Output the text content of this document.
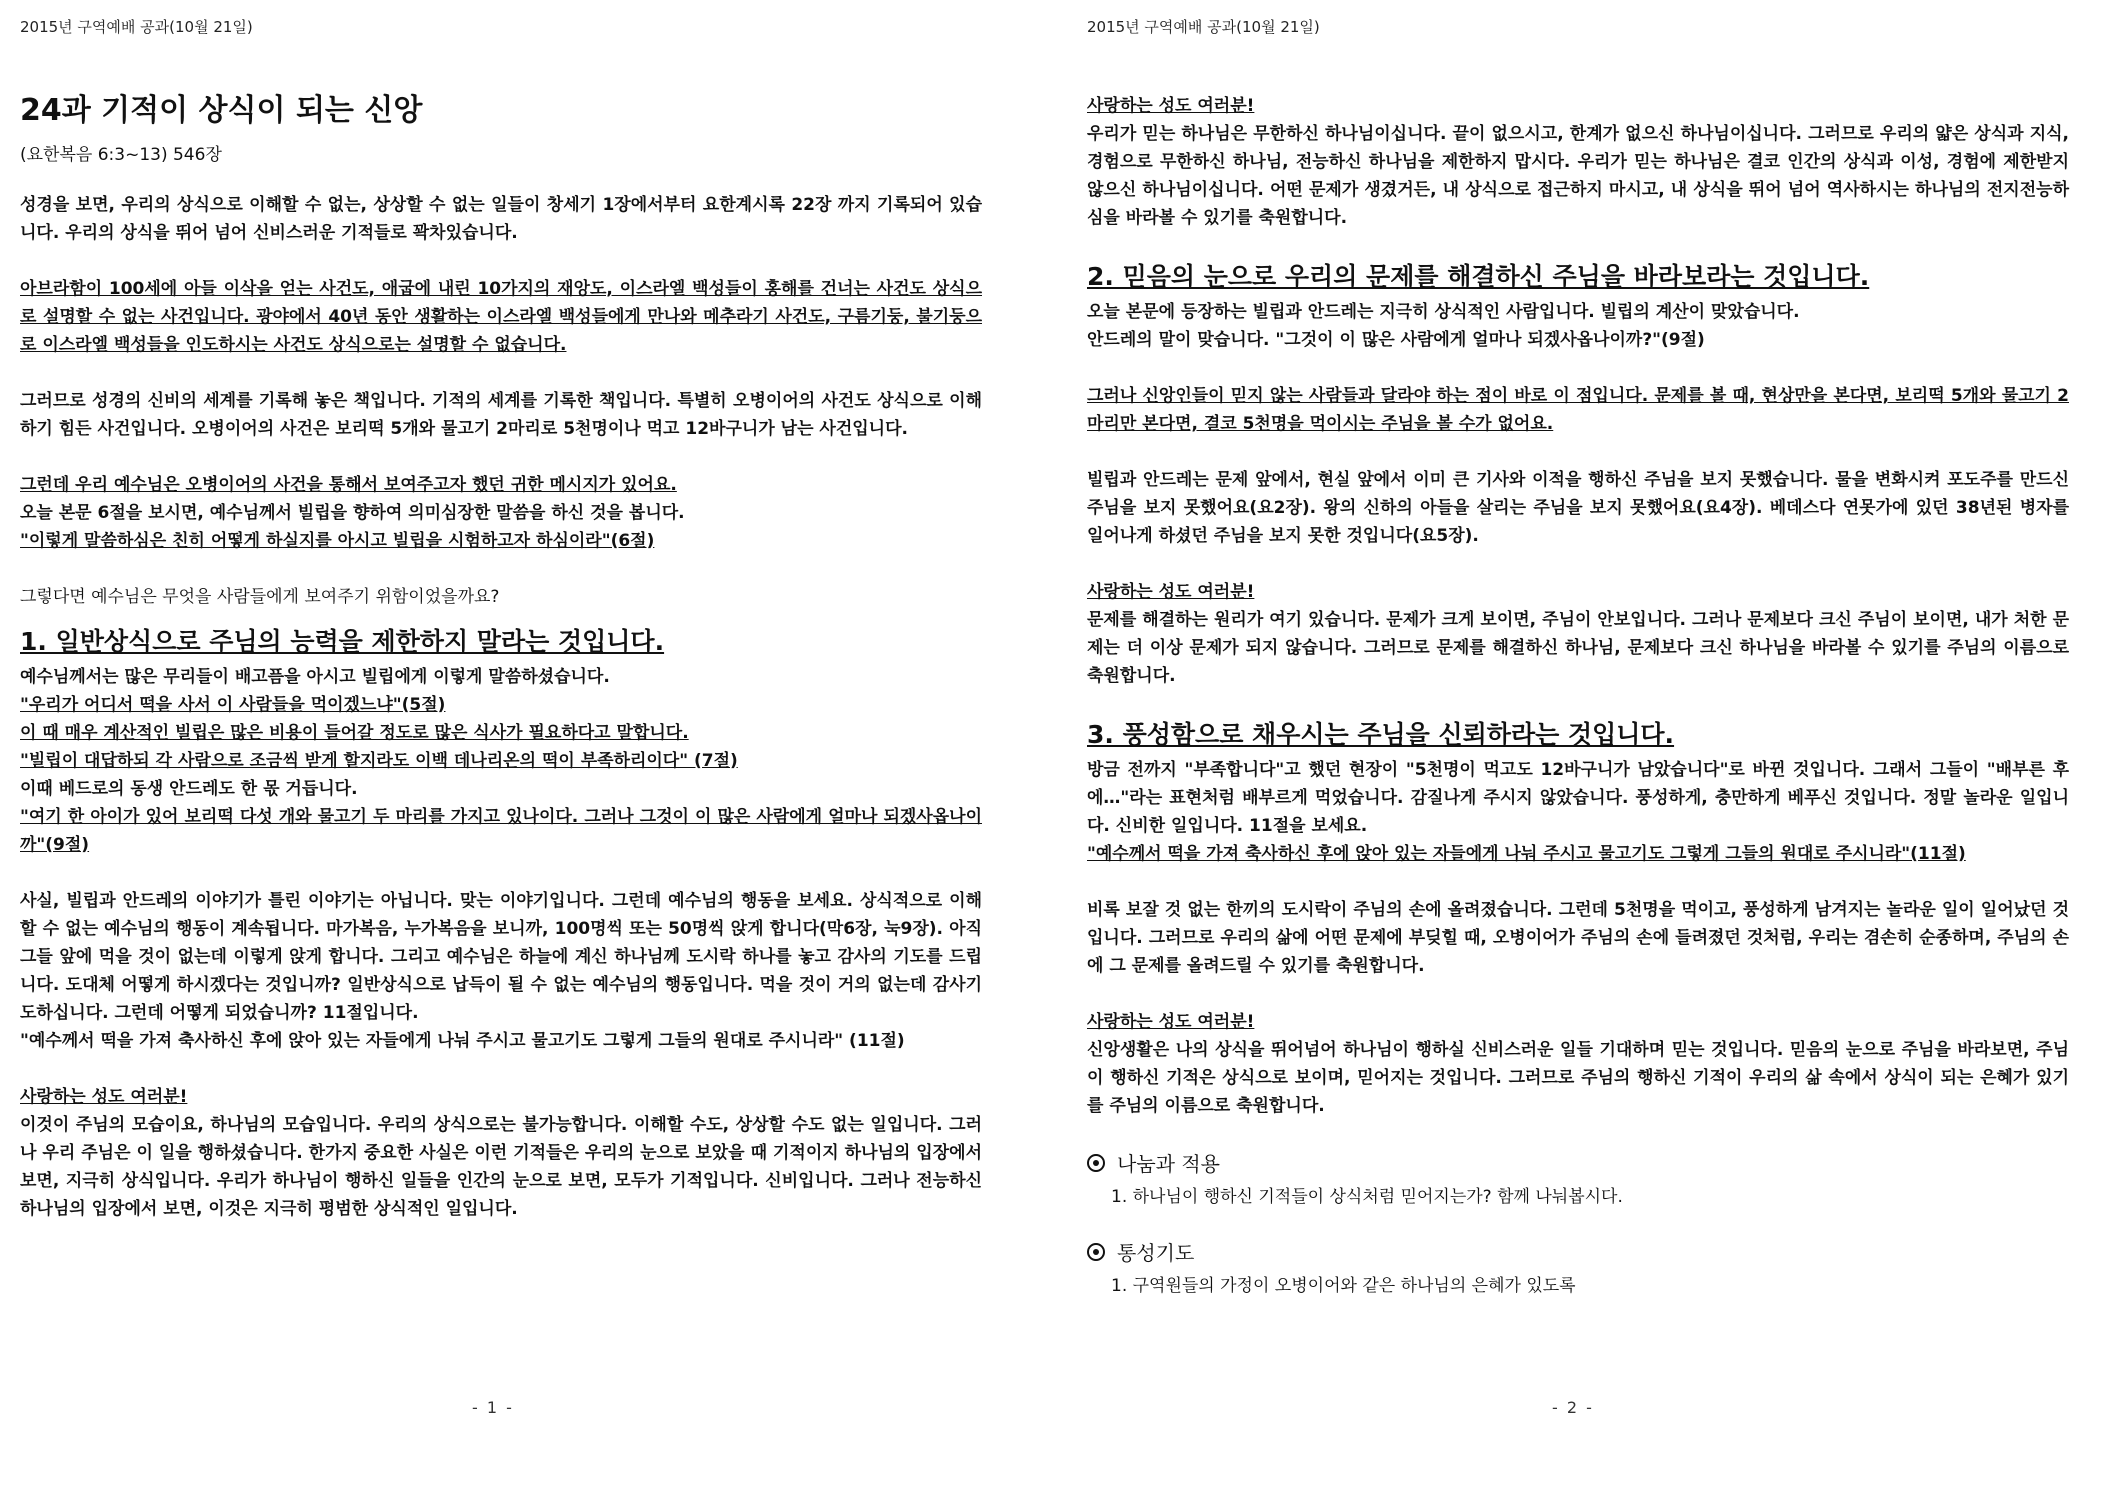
2015년 구역예배 공과(10월 21일)
24과 기적이 상식이 되는 신앙
(요한복음 6:3~13) 546장

성경을 보면, 우리의 상식으로 이해할 수 없는, 상상할 수 없는 일들이 창세기 1장에서부터 요한계시록 22장 까지 기록되어 있습니다. 우리의 상식을 뛰어 넘어 신비스러운 기적들로 꽉차있습니다.

아브라함이 100세에 아들 이삭을 얻는 사건도, 애굽에 내린 10가지의 재앙도, 이스라엘 백성들이 홍해를 건너는 사건도 상식으로 설명할 수 없는 사건입니다. 광야에서 40년 동안 생활하는 이스라엘 백성들에게 만나와 메추라기 사건도, 구름기둥, 불기둥으로 이스라엘 백성들을 인도하시는 사건도 상식으로는 설명할 수 없습니다.

그러므로 성경의 신비의 세계를 기록해 놓은 책입니다. 기적의 세계를 기록한 책입니다. 특별히 오병이어의 사건도 상식으로 이해하기 힘든 사건입니다. 오병이어의 사건은 보리떡 5개와 물고기 2마리로 5천명이나 먹고 12바구니가 남는 사건입니다.

그런데 우리 예수님은 오병이어의 사건을 통해서 보여주고자 했던 귀한 메시지가 있어요.
오늘 본문 6절을 보시면, 예수님께서 빌립을 향하여 의미심장한 말씀을 하신 것을 봅니다.
"이렇게 말씀하심은 친히 어떻게 하실지를 아시고 빌립을 시험하고자 하심이라"(6절)

그렇다면 예수님은 무엇을 사람들에게 보여주기 위함이었을까요?

1. 일반상식으로 주님의 능력을 제한하지 말라는 것입니다.

예수님께서는 많은 무리들이 배고픔을 아시고 빌립에게 이렇게 말씀하셨습니다.
"우리가 어디서 떡을 사서 이 사람들을 먹이겠느냐"(5절)
이 때 매우 계산적인 빌립은 많은 비용이 들어갈 정도로 많은 식사가 필요하다고 말합니다.
"빌립이 대답하되 각 사람으로 조금씩 받게 할지라도 이백 데나리온의 떡이 부족하리이다" (7절)
이때 베드로의 동생 안드레도 한 몫 거듭니다.
"여기 한 아이가 있어 보리떡 다섯 개와 물고기 두 마리를 가지고 있나이다. 그러나 그것이 이 많은 사람에게 얼마나 되겠사옵나이까"(9절)

사실, 빌립과 안드레의 이야기가 틀린 이야기는 아닙니다. 맞는 이야기입니다. 그런데 예수님의 행동을 보세요. 상식적으로 이해할 수 없는 예수님의 행동이 계속됩니다. 마가복음, 누가복음을 보니까, 100명씩 또는 50명씩 앉게 합니다(막6장, 눅9장). 아직 그들 앞에 먹을 것이 없는데 이렇게 앉게 합니다. 그리고 예수님은 하늘에 계신 하나님께 도시락 하나를 놓고 감사의 기도를 드립니다. 도대체 어떻게 하시겠다는 것입니까? 일반상식으로 납득이 될 수 없는 예수님의 행동입니다. 먹을 것이 거의 없는데 감사기도하십니다. 그런데 어떻게 되었습니까? 11절입니다.

"예수께서 떡을 가져 축사하신 후에 앉아 있는 자들에게 나눠 주시고 물고기도 그렇게 그들의 원대로 주시니라" (11절)

사랑하는 성도 여러분!
이것이 주님의 모습이요, 하나님의 모습입니다. 우리의 상식으로는 불가능합니다. 이해할 수도, 상상할 수도 없는 일입니다. 그러나 우리 주님은 이 일을 행하셨습니다. 한가지 중요한 사실은 이런 기적들은 우리의 눈으로 보았을 때 기적이지 하나님의 입장에서 보면, 지극히 상식입니다. 우리가 하나님이 행하신 일들을 인간의 눈으로 보면, 모두가 기적입니다. 신비입니다. 그러나 전능하신 하나님의 입장에서 보면, 이것은 지극히 평범한 상식적인 일입니다.

- 1 -
2015년 구역예배 공과(10월 21일)

사랑하는 성도 여러분!
우리가 믿는 하나님은 무한하신 하나님이십니다. 끝이 없으시고, 한계가 없으신 하나님이십니다. 그러므로 우리의 얇은 상식과 지식, 경험으로 무한하신 하나님, 전능하신 하나님을 제한하지 맙시다. 우리가 믿는 하나님은 결코 인간의 상식과 이성, 경험에 제한받지 않으신 하나님이십니다. 어떤 문제가 생겼거든, 내 상식으로 접근하지 마시고, 내 상식을 뛰어 넘어 역사하시는 하나님의 전지전능하심을 바라볼 수 있기를 축원합니다.

2. 믿음의 눈으로 우리의 문제를 해결하신 주님을 바라보라는 것입니다.

오늘 본문에 등장하는 빌립과 안드레는 지극히 상식적인 사람입니다. 빌립의 계산이 맞았습니다.
안드레의 말이 맞습니다. "그것이 이 많은 사람에게 얼마나 되겠사옵나이까?"(9절)

그러나 신앙인들이 믿지 않는 사람들과 달라야 하는 점이 바로 이 점입니다. 문제를 볼 때, 현상만을 본다면, 보리떡 5개와 물고기 2마리만 본다면, 결코 5천명을 먹이시는 주님을 볼 수가 없어요.

빌립과 안드레는 문제 앞에서, 현실 앞에서 이미 큰 기사와 이적을 행하신 주님을 보지 못했습니다. 물을 변화시켜 포도주를 만드신 주님을 보지 못했어요(요2장). 왕의 신하의 아들을 살리는 주님을 보지 못했어요(요4장). 베데스다 연못가에 있던 38년된 병자를 일어나게 하셨던 주님을 보지 못한 것입니다(요5장).

사랑하는 성도 여러분!
문제를 해결하는 원리가 여기 있습니다. 문제가 크게 보이면, 주님이 안보입니다. 그러나 문제보다 크신 주님이 보이면, 내가 처한 문제는 더 이상 문제가 되지 않습니다. 그러므로 문제를 해결하신 하나님, 문제보다 크신 하나님을 바라볼 수 있기를 주님의 이름으로 축원합니다.

3. 풍성함으로 채우시는 주님을 신뢰하라는 것입니다.

방금 전까지 "부족합니다"고 했던 현장이 "5천명이 먹고도 12바구니가 남았습니다"로 바뀐 것입니다. 그래서 그들이 "배부른 후에…"라는 표현처럼 배부르게 먹었습니다. 감질나게 주시지 않았습니다. 풍성하게, 충만하게 베푸신 것입니다. 정말 놀라운 일입니다. 신비한 일입니다. 11절을 보세요.

"예수께서 떡을 가져 축사하신 후에 앉아 있는 자들에게 나눠 주시고 물고기도 그렇게 그들의 원대로 주시니라"(11절)

비록 보잘 것 없는 한끼의 도시락이 주님의 손에 올려졌습니다. 그런데 5천명을 먹이고, 풍성하게 남겨지는 놀라운 일이 일어났던 것입니다. 그러므로 우리의 삶에 어떤 문제에 부딪힐 때, 오병이어가 주님의 손에 들려졌던 것처럼, 우리는 겸손히 순종하며, 주님의 손에 그 문제를 올려드릴 수 있기를 축원합니다.

사랑하는 성도 여러분!
신앙생활은 나의 상식을 뛰어넘어 하나님이 행하실 신비스러운 일들 기대하며 믿는 것입니다. 믿음의 눈으로 주님을 바라보면, 주님이 행하신 기적은 상식으로 보이며, 믿어지는 것입니다. 그러므로 주님의 행하신 기적이 우리의 삶 속에서 상식이 되는 은혜가 있기를 주님의 이름으로 축원합니다.

나눔과 적용
1. 하나님이 행하신 기적들이 상식처럼 믿어지는가? 함께 나눠봅시다.
통성기도
1. 구역원들의 가정이 오병이어와 같은 하나님의 은혜가 있도록
- 2 -
